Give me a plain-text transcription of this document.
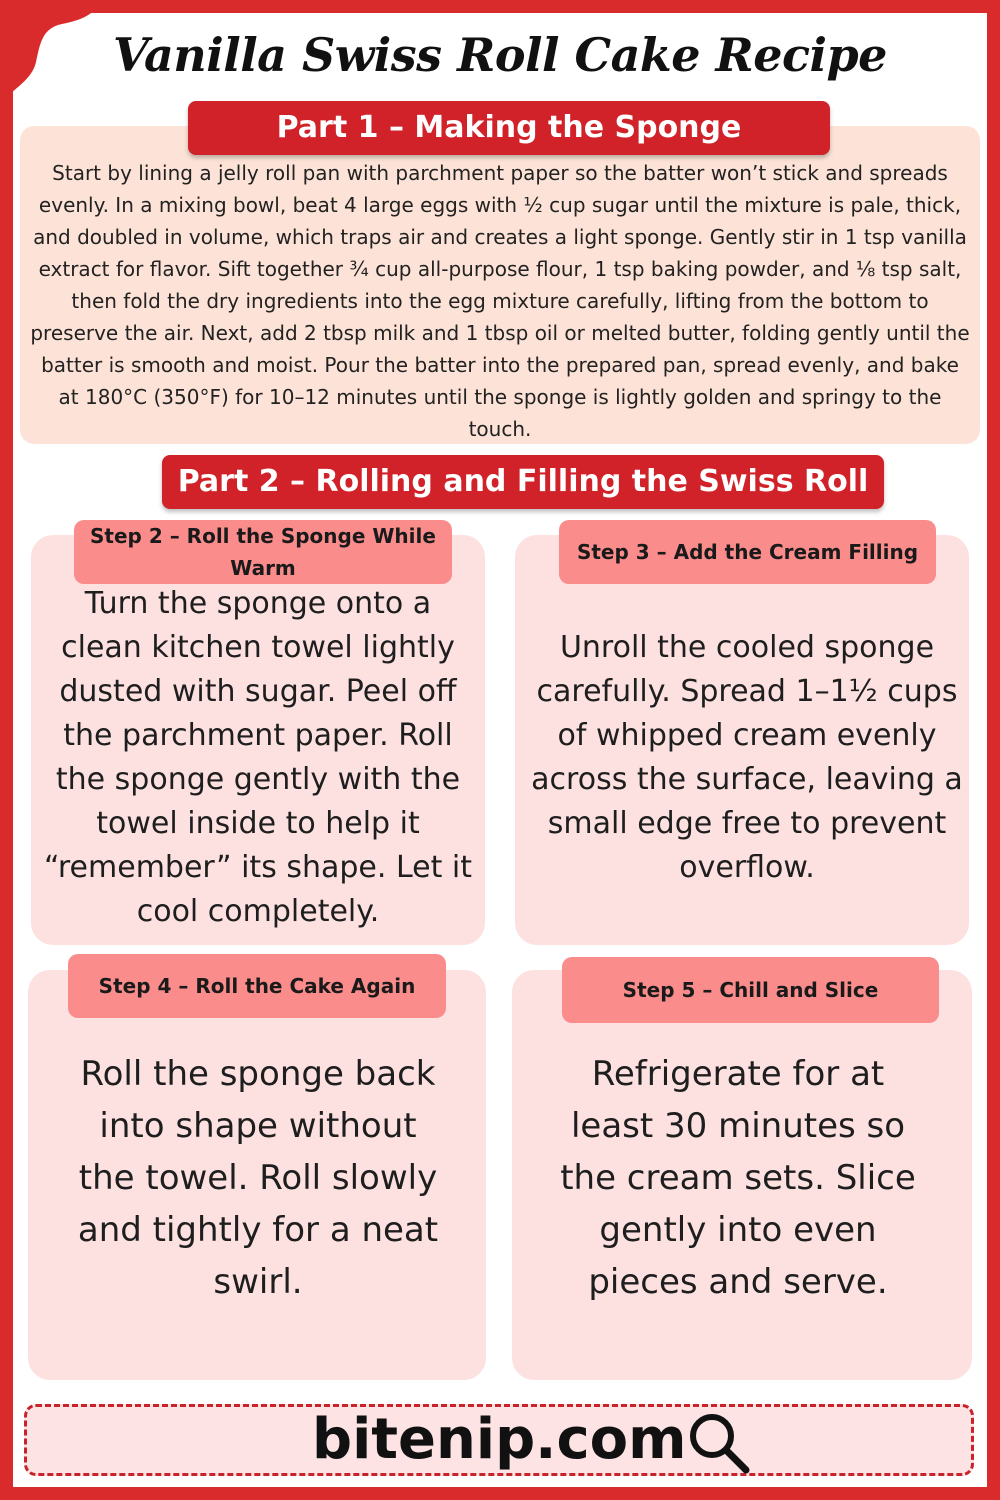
Vanilla Swiss Roll Cake Recipe
Part 1 – Making the Sponge

Start by lining a jelly roll pan with parchment paper so the batter won’t stick and spreads evenly. In a mixing bowl, beat 4 large eggs with ½ cup sugar until the mixture is pale, thick, and doubled in volume, which traps air and creates a light sponge. Gently stir in 1 tsp vanilla extract for flavor. Sift together ¾ cup all-purpose flour, 1 tsp baking powder, and ⅛ tsp salt, then fold the dry ingredients into the egg mixture carefully, lifting from the bottom to preserve the air. Next, add 2 tbsp milk and 1 tbsp oil or melted butter, folding gently until the batter is smooth and moist. Pour the batter into the prepared pan, spread evenly, and bake at 180°C (350°F) for 10–12 minutes until the sponge is lightly golden and springy to the touch.

Part 2 – Rolling and Filling the Swiss Roll
Step 2 – Roll the Sponge While Warm

Turn the sponge onto a clean kitchen towel lightly dusted with sugar. Peel off the parchment paper. Roll the sponge gently with the towel inside to help it “remember” its shape. Let it cool completely.

Step 3 – Add the Cream Filling

Unroll the cooled sponge carefully. Spread 1–1½ cups of whipped cream evenly across the surface, leaving a small edge free to prevent overflow.

Step 4 – Roll the Cake Again

Roll the sponge back into shape without the towel. Roll slowly and tightly for a neat swirl.

Step 5 – Chill and Slice

Refrigerate for at least 30 minutes so the cream sets. Slice gently into even pieces and serve.

bitenip.com
